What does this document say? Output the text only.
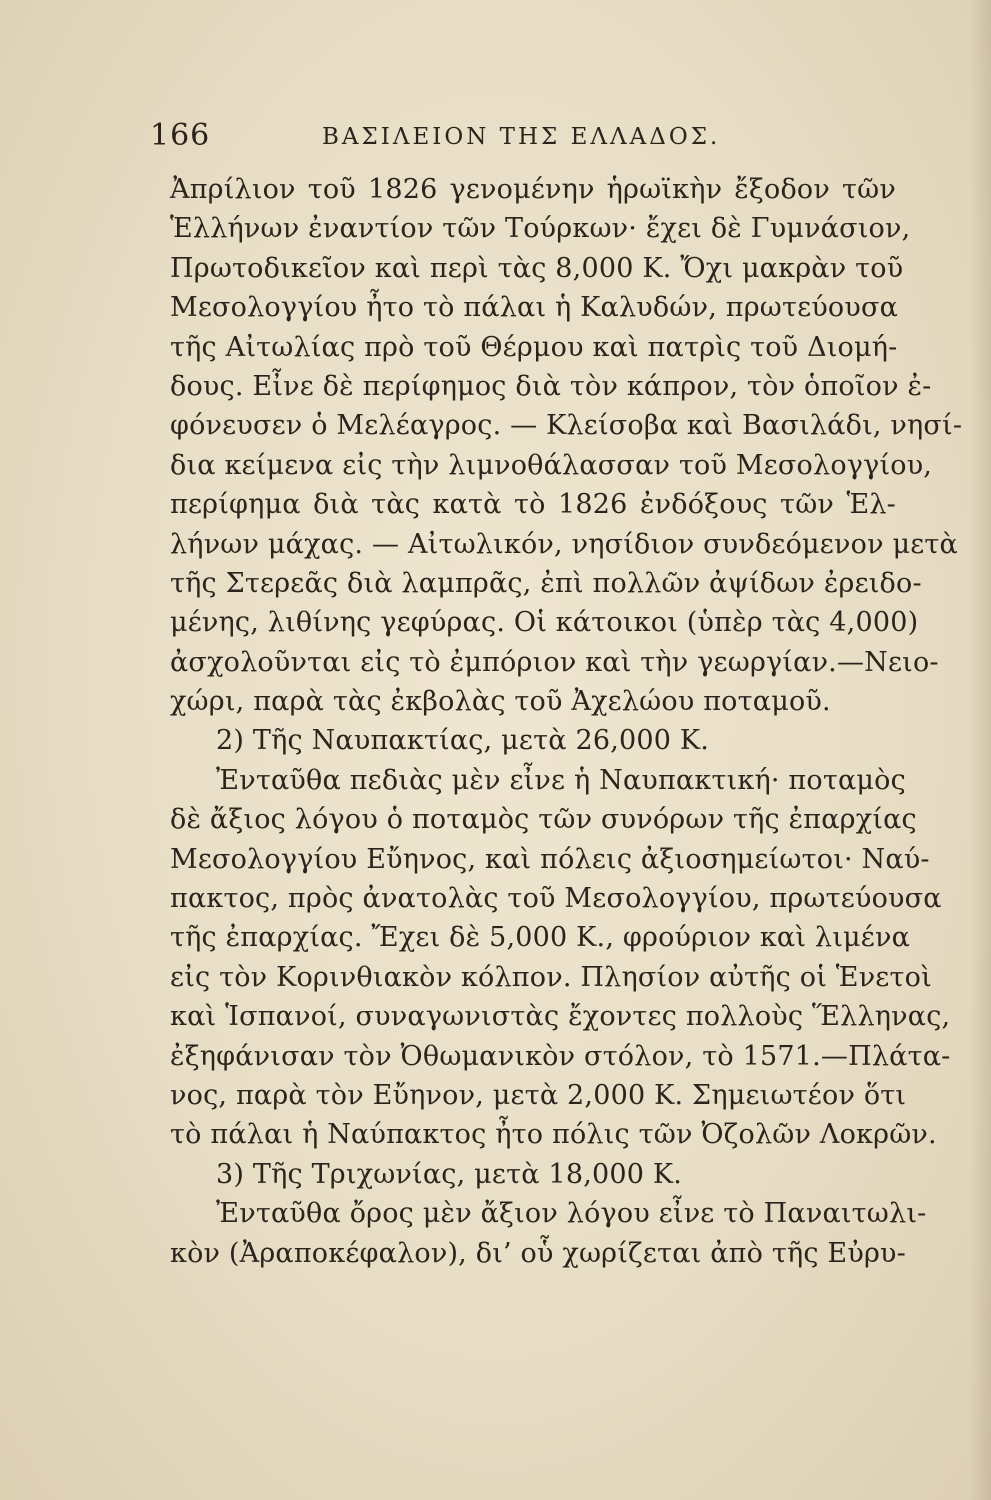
166	ΒΑΣΙΛΕΙΟΝ ΤΗΣ ΕΛΛΑΔΟΣ.
Ἀπρίλιον τοῦ 1826 γενομένην ἡρωϊκὴν ἔξοδον τῶν
Ἑλλήνων ἐναντίον τῶν Τούρκων· ἔχει δὲ Γυμνάσιον,
Πρωτοδικεῖον καὶ περὶ τὰς 8,000 Κ. Ὄχι μακρὰν τοῦ
Μεσολογγίου ἦτο τὸ πάλαι ἡ Καλυδών, πρωτεύουσα
τῆς Αἰτωλίας πρὸ τοῦ Θέρμου καὶ πατρὶς τοῦ Διομή-
δους. Εἶνε δὲ περίφημος διὰ τὸν κάπρον, τὸν ὁποῖον ἐ-
φόνευσεν ὁ Μελέαγρος. — Κλείσοβα καὶ Βασιλάδι, νησί-
δια κείμενα εἰς τὴν λιμνοθάλασσαν τοῦ Μεσολογγίου,
περίφημα διὰ τὰς κατὰ τὸ 1826 ἐνδόξους τῶν Ἑλ-
λήνων μάχας. — Αἰτωλικόν, νησίδιον συνδεόμενον μετὰ
τῆς Στερεᾶς διὰ λαμπρᾶς, ἐπὶ πολλῶν ἀψίδων ἐρειδο-
μένης, λιθίνης γεφύρας. Οἱ κάτοικοι (ὑπὲρ τὰς 4,000)
ἀσχολοῦνται εἰς τὸ ἐμπόριον καὶ τὴν γεωργίαν.—Νειο-
χώρι, παρὰ τὰς ἐκβολὰς τοῦ Ἀχελώου ποταμοῦ.
2) Τῆς Ναυπακτίας, μετὰ 26,000 Κ.
Ἐνταῦθα πεδιὰς μὲν εἶνε ἡ Ναυπακτική· ποταμὸς
δὲ ἄξιος λόγου ὁ ποταμὸς τῶν συνόρων τῆς ἐπαρχίας
Μεσολογγίου Εὔηνος, καὶ πόλεις ἀξιοσημείωτοι· Ναύ-
πακτος, πρὸς ἀνατολὰς τοῦ Μεσολογγίου, πρωτεύουσα
τῆς ἐπαρχίας. Ἔχει δὲ 5,000 Κ., φρούριον καὶ λιμένα
εἰς τὸν Κορινθιακὸν κόλπον. Πλησίον αὐτῆς οἱ Ἑνετοὶ
καὶ Ἱσπανοί, συναγωνιστὰς ἔχοντες πολλοὺς Ἕλληνας,
ἐξηφάνισαν τὸν Ὀθωμανικὸν στόλον, τὸ 1571.—Πλάτα-
νος, παρὰ τὸν Εὔηνον, μετὰ 2,000 Κ. Σημειωτέον ὅτι
τὸ πάλαι ἡ Ναύπακτος ἦτο πόλις τῶν Ὀζολῶν Λοκρῶν.
3) Τῆς Τριχωνίας, μετὰ 18,000 Κ.
Ἐνταῦθα ὄρος μὲν ἄξιον λόγου εἶνε τὸ Παναιτωλι-
κὸν (Ἀραποκέφαλον), δι’ οὗ χωρίζεται ἀπὸ τῆς Εὐρυ-
